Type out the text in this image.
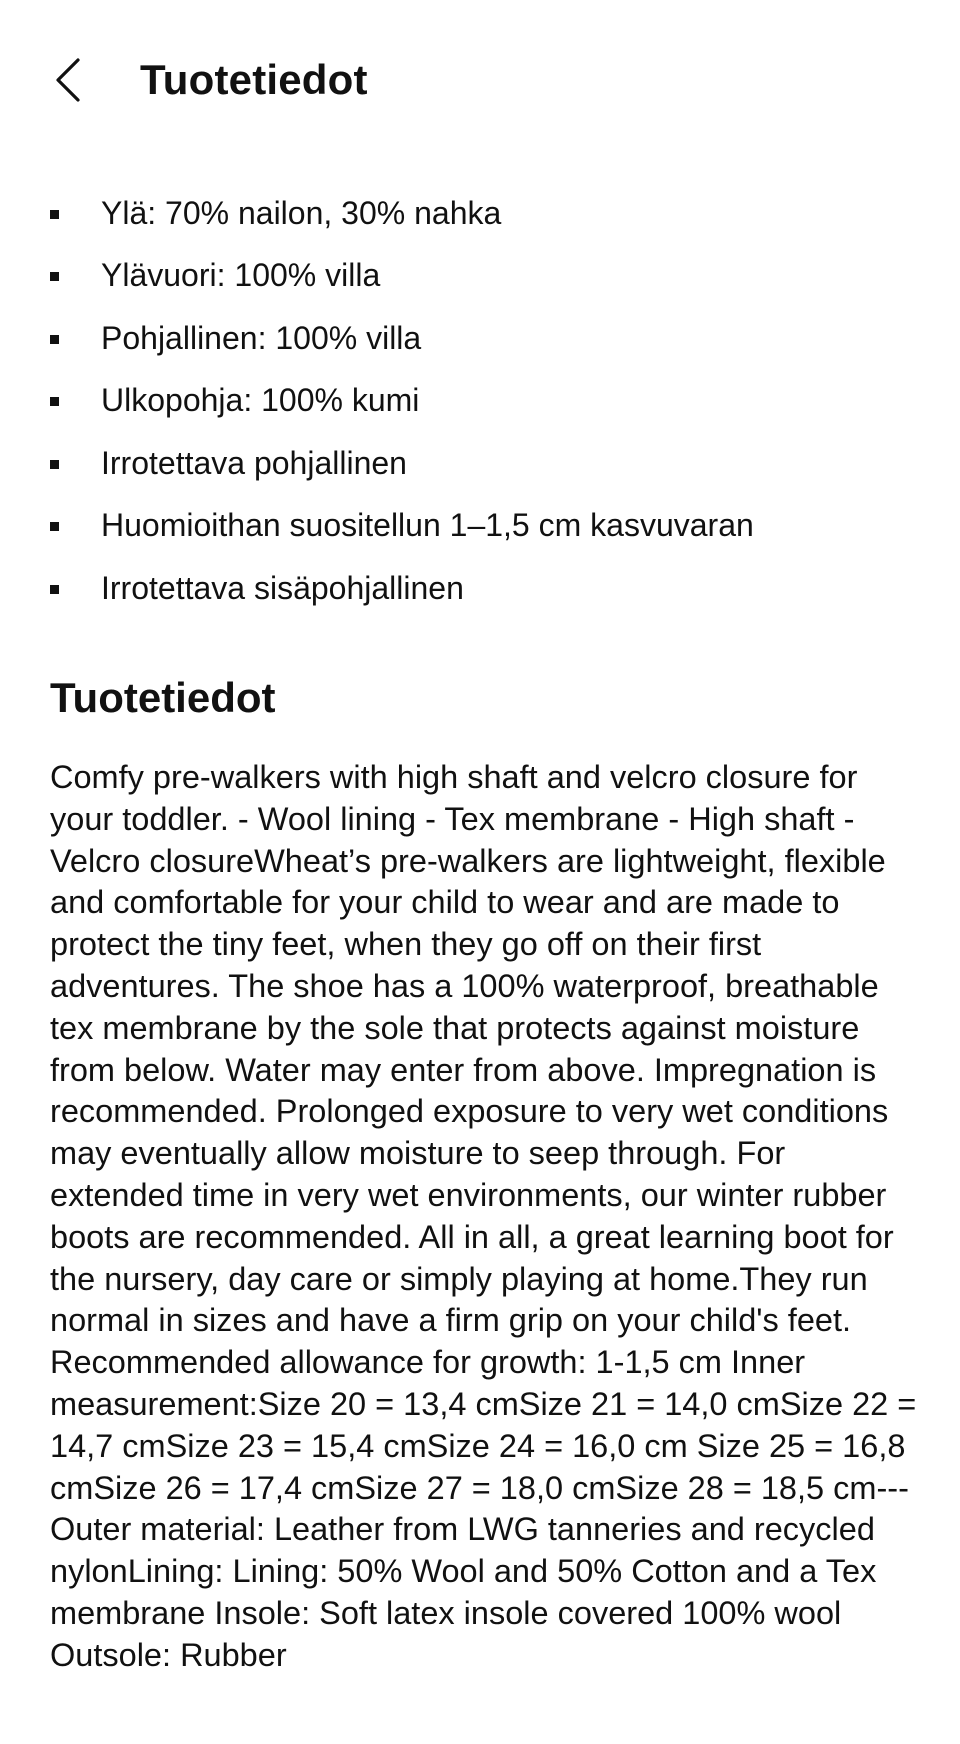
Tuotetiedot
Ylä: 70% nailon, 30% nahka
Ylävuori: 100% villa
Pohjallinen: 100% villa
Ulkopohja: 100% kumi
Irrotettava pohjallinen
Huomioithan suositellun 1–1,5 cm kasvuvaran
Irrotettava sisäpohjallinen
Tuotetiedot

Comfy pre-walkers with high shaft and velcro closure for your toddler. - Wool lining - Tex membrane - High shaft - Velcro closureWheat’s pre-walkers are lightweight, flexible and comfortable for your child to wear and are made to protect the tiny feet, when they go off on their first adventures. The shoe has a 100% waterproof, breathable tex membrane by the sole that protects against moisture from below. Water may enter from above. Impregnation is recommended. Prolonged exposure to very wet conditions may eventually allow moisture to seep through. For extended time in very wet environments, our winter rubber boots are recommended. All in all, a great learning boot for the nursery, day care or simply playing at home.They run normal in sizes and have a firm grip on your child's feet. Recommended allowance for growth: 1-1,5 cm Inner measurement:Size 20 = 13,4 cmSize 21 = 14,0 cmSize 22 = 14,7 cmSize 23 = 15,4 cmSize 24 = 16,0 cm Size 25 = 16,8 cmSize 26 = 17,4 cmSize 27 = 18,0 cmSize 28 = 18,5 cm---Outer material: Leather from LWG tanneries and recycled nylonLining: Lining: 50% Wool and 50% Cotton and a Tex membrane Insole: Soft latex insole covered 100% wool Outsole: Rubber
